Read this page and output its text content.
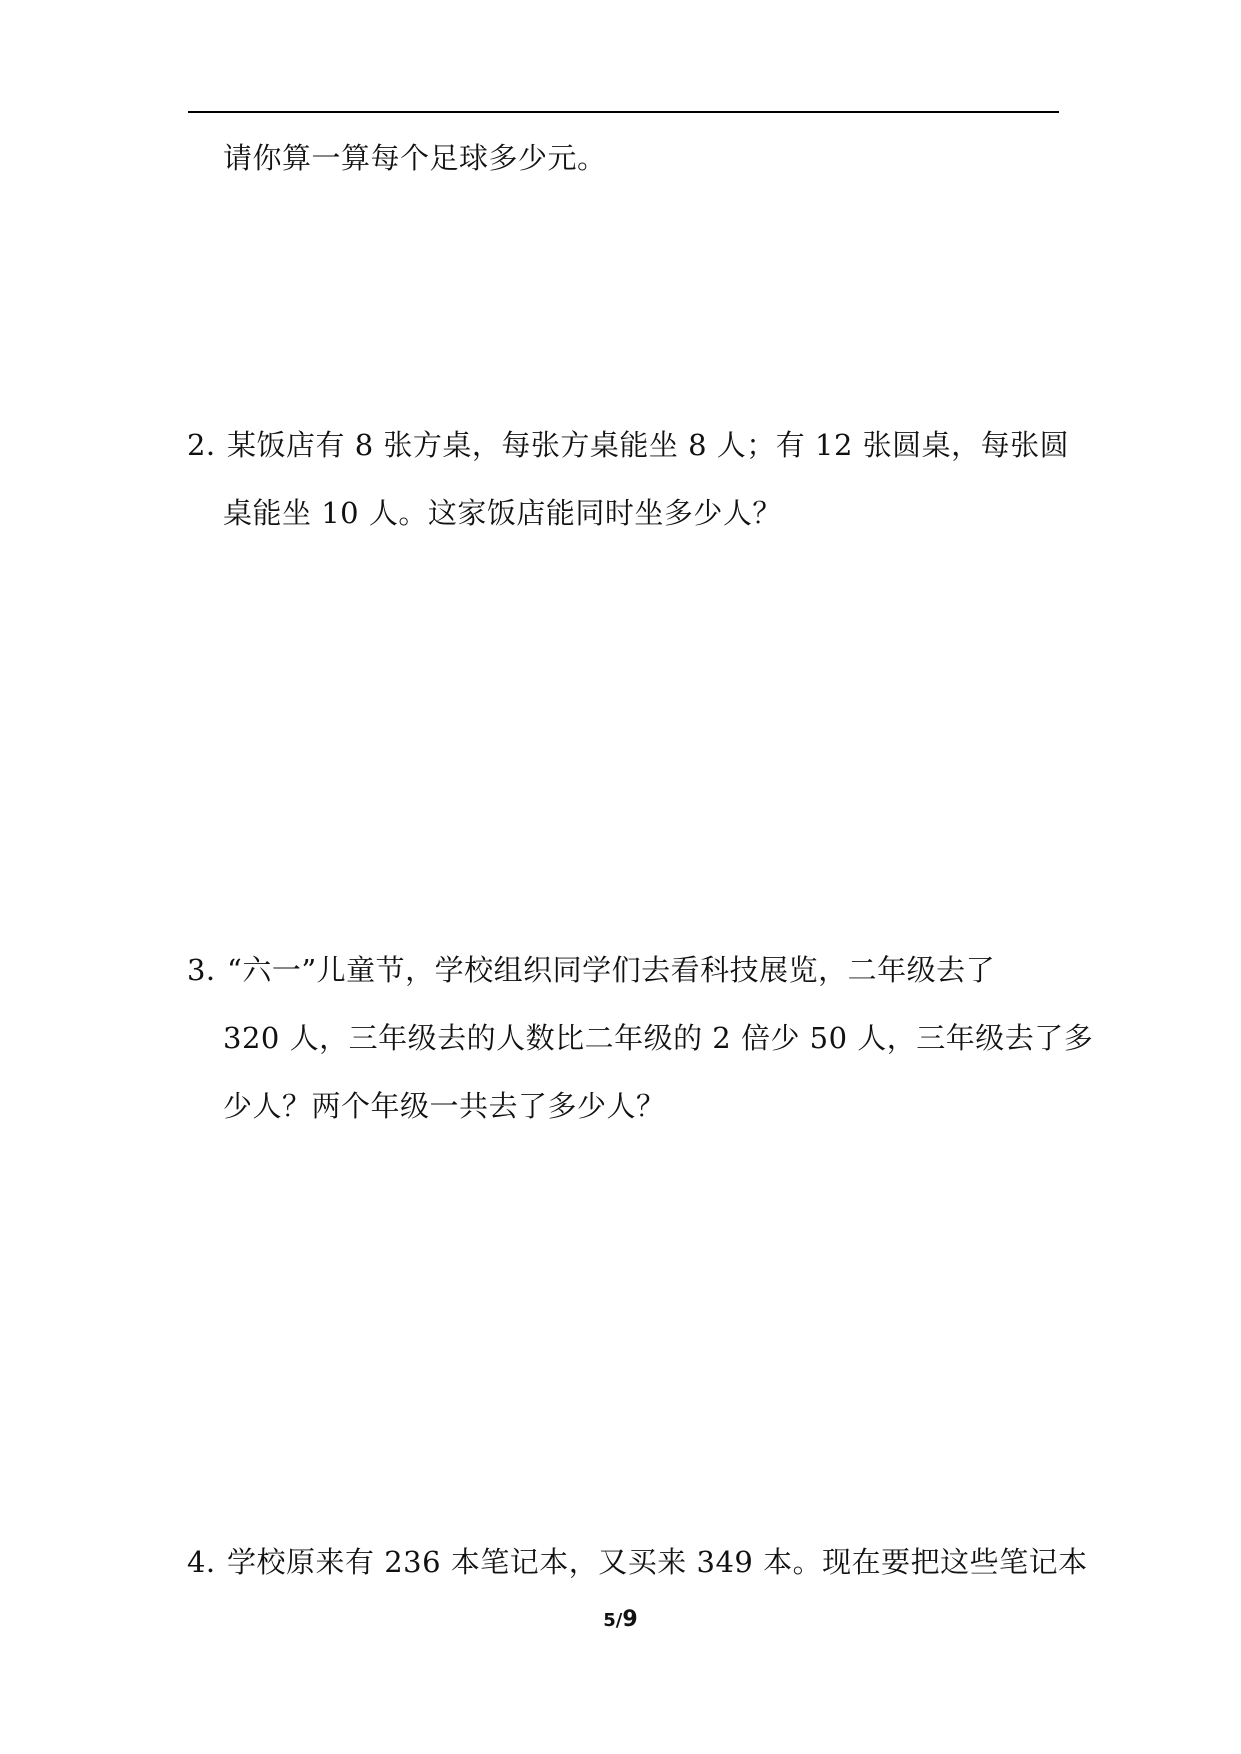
请你算一算每个足球多少元。
2．某饭店有 8 张方桌，每张方桌能坐 8 人；有 12 张圆桌，每张圆
桌能坐 10 人。这家饭店能同时坐多少人？
3．“六一”儿童节，学校组织同学们去看科技展览，二年级去了
320 人，三年级去的人数比二年级的 2 倍少 50 人，三年级去了多
少人？两个年级一共去了多少人？
4．学校原来有 236 本笔记本，又买来 349 本。现在要把这些笔记本
5/9
